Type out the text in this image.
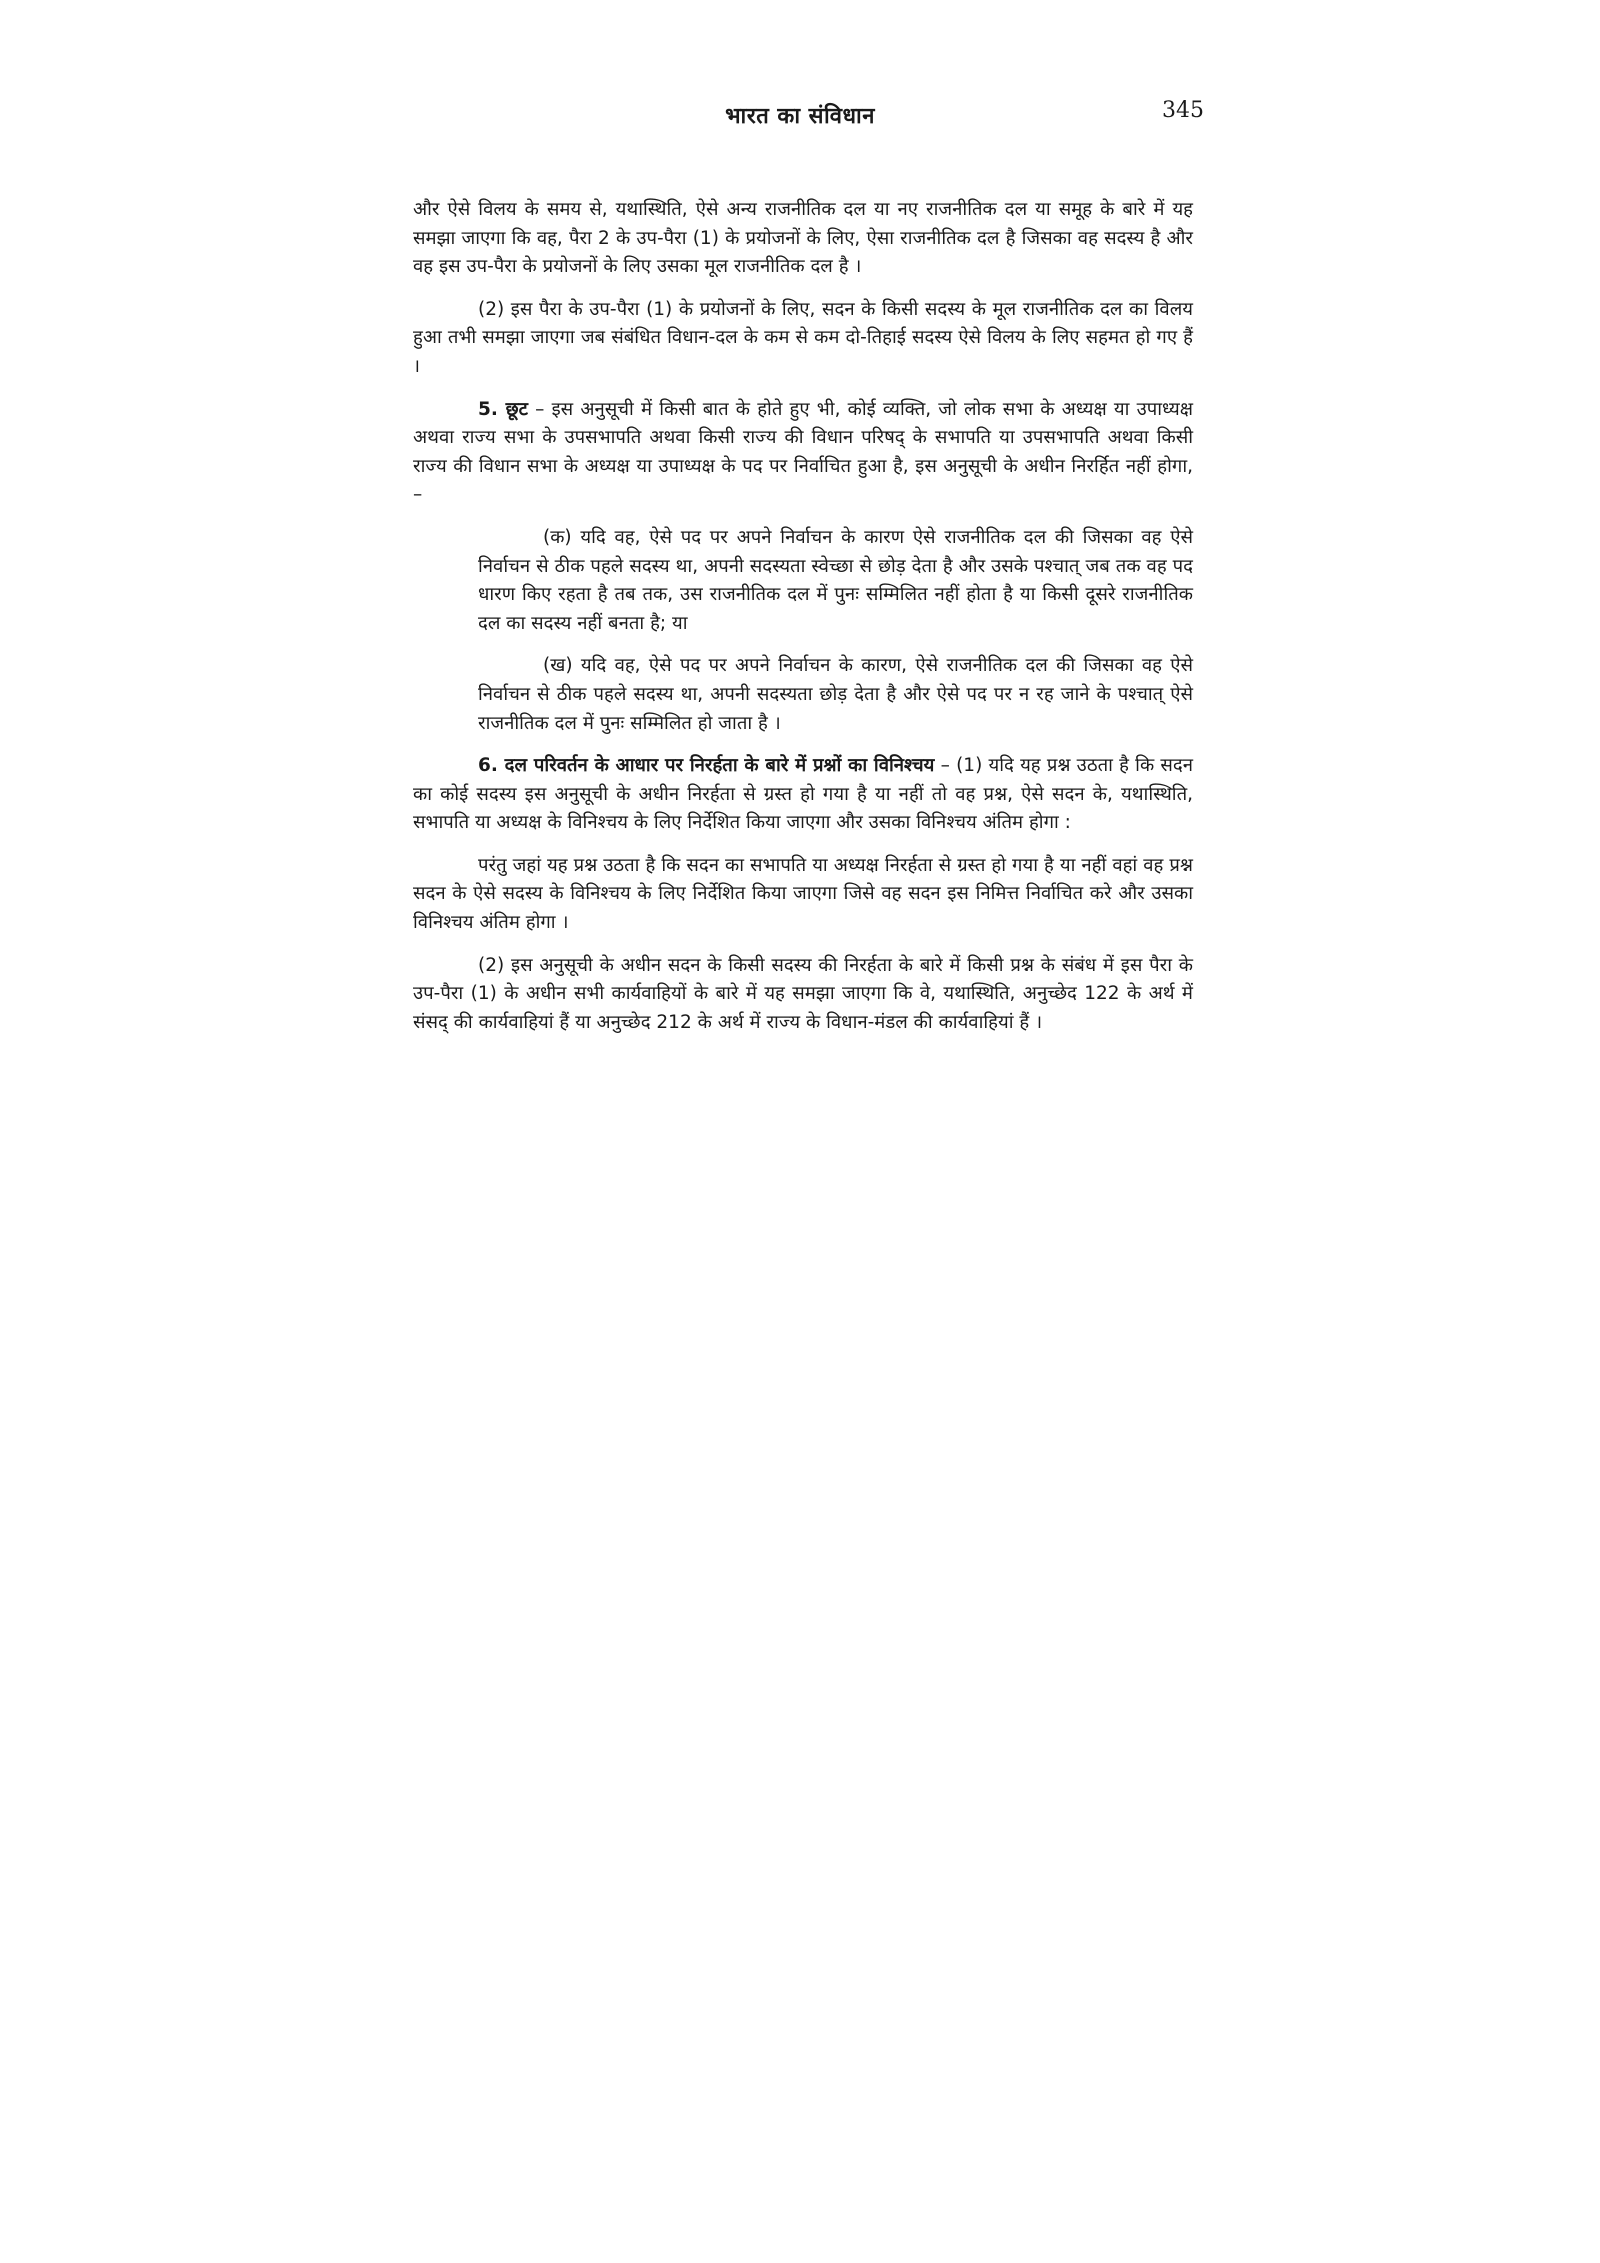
भारत का संविधान	345

और ऐसे विलय के समय से, यथास्थिति, ऐसे अन्य राजनीतिक दल या नए राजनीतिक दल या समूह के बारे में यह समझा जाएगा कि वह, पैरा 2 के उप-पैरा (1) के प्रयोजनों के लिए, ऐसा राजनीतिक दल है जिसका वह सदस्य है और वह इस उप-पैरा के प्रयोजनों के लिए उसका मूल राजनीतिक दल है ।

(2) इस पैरा के उप-पैरा (1) के प्रयोजनों के लिए, सदन के किसी सदस्य के मूल राजनीतिक दल का विलय हुआ तभी समझा जाएगा जब संबंधित विधान-दल के कम से कम दो-तिहाई सदस्य ऐसे विलय के लिए सहमत हो गए हैं ।

5. छूट – इस अनुसूची में किसी बात के होते हुए भी, कोई व्यक्ति, जो लोक सभा के अध्यक्ष या उपाध्यक्ष अथवा राज्य सभा के उपसभापति अथवा किसी राज्य की विधान परिषद् के सभापति या उपसभापति अथवा किसी राज्य की विधान सभा के अध्यक्ष या उपाध्यक्ष के पद पर निर्वाचित हुआ है, इस अनुसूची के अधीन निरर्हित नहीं होगा, –

(क) यदि वह, ऐसे पद पर अपने निर्वाचन के कारण ऐसे राजनीतिक दल की जिसका वह ऐसे निर्वाचन से ठीक पहले सदस्य था, अपनी सदस्यता स्वेच्छा से छोड़ देता है और उसके पश्चात् जब तक वह पद धारण किए रहता है तब तक, उस राजनीतिक दल में पुनः सम्मिलित नहीं होता है या किसी दूसरे राजनीतिक दल का सदस्य नहीं बनता है; या

(ख) यदि वह, ऐसे पद पर अपने निर्वाचन के कारण, ऐसे राजनीतिक दल की जिसका वह ऐसे निर्वाचन से ठीक पहले सदस्य था, अपनी सदस्यता छोड़ देता है और ऐसे पद पर न रह जाने के पश्चात् ऐसे राजनीतिक दल में पुनः सम्मिलित हो जाता है ।

6. दल परिवर्तन के आधार पर निरर्हता के बारे में प्रश्नों का विनिश्चय – (1) यदि यह प्रश्न उठता है कि सदन का कोई सदस्य इस अनुसूची के अधीन निरर्हता से ग्रस्त हो गया है या नहीं तो वह प्रश्न, ऐसे सदन के, यथास्थिति, सभापति या अध्यक्ष के विनिश्चय के लिए निर्देशित किया जाएगा और उसका विनिश्चय अंतिम होगा :

परंतु जहां यह प्रश्न उठता है कि सदन का सभापति या अध्यक्ष निरर्हता से ग्रस्त हो गया है या नहीं वहां वह प्रश्न सदन के ऐसे सदस्य के विनिश्चय के लिए निर्देशित किया जाएगा जिसे वह सदन इस निमित्त निर्वाचित करे और उसका विनिश्चय अंतिम होगा ।

(2) इस अनुसूची के अधीन सदन के किसी सदस्य की निरर्हता के बारे में किसी प्रश्न के संबंध में इस पैरा के उप-पैरा (1) के अधीन सभी कार्यवाहियों के बारे में यह समझा जाएगा कि वे, यथास्थिति, अनुच्छेद 122 के अर्थ में संसद् की कार्यवाहियां हैं या अनुच्छेद 212 के अर्थ में राज्य के विधान-मंडल की कार्यवाहियां हैं ।
